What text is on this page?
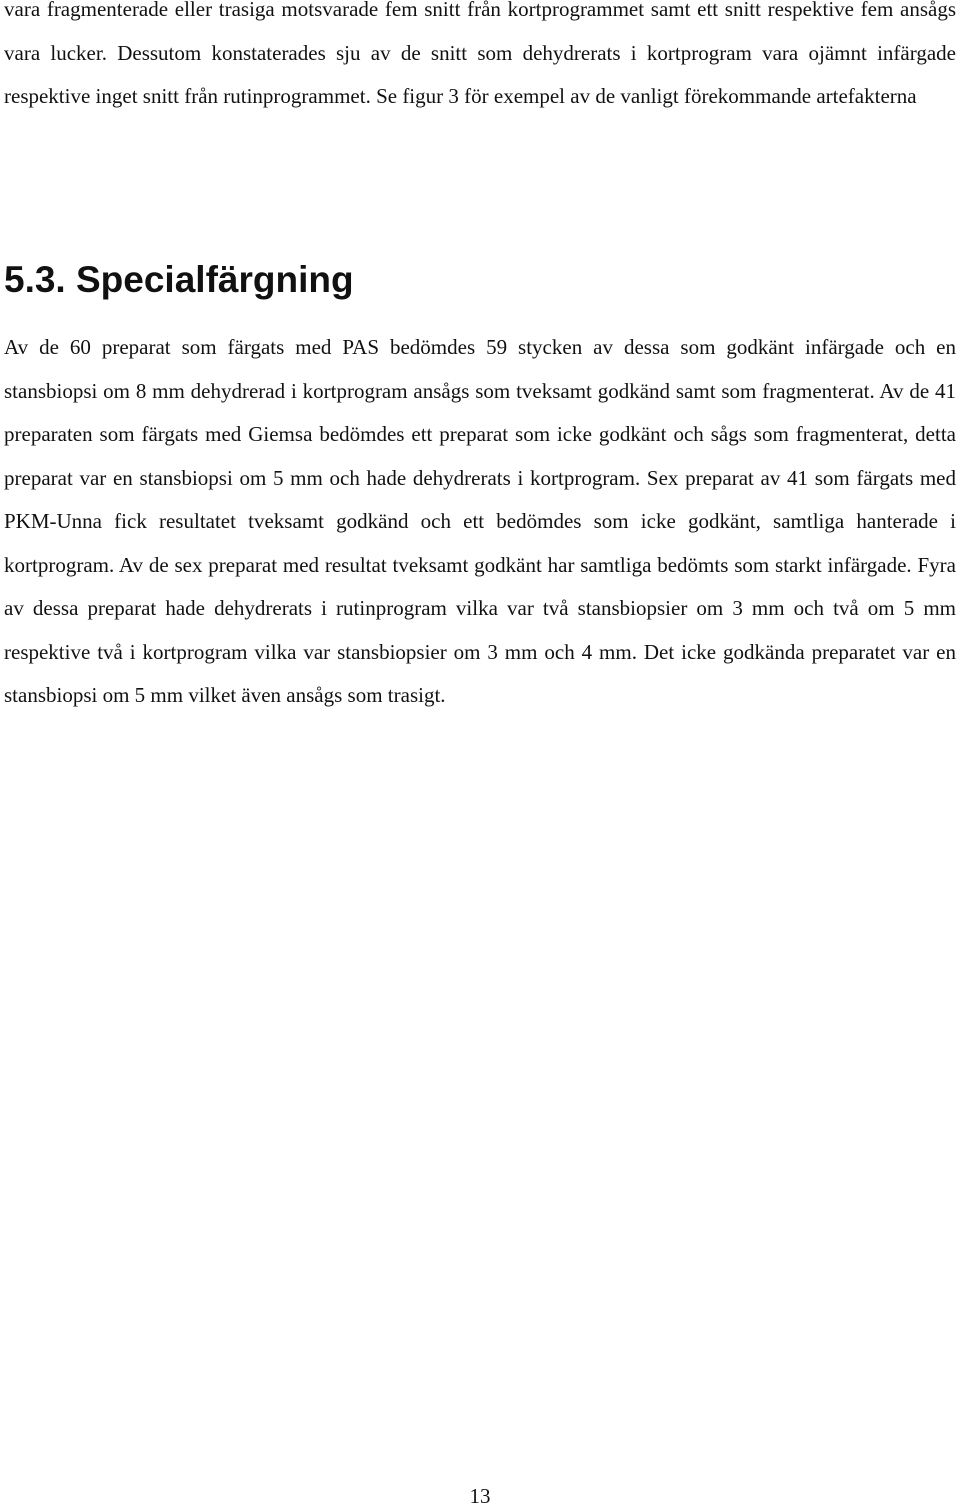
vara fragmenterade eller trasiga motsvarade fem snitt från kortprogrammet samt ett snitt respektive fem ansågs vara lucker. Dessutom konstaterades sju av de snitt som dehydrerats i kortprogram vara ojämnt infärgade respektive inget snitt från rutinprogrammet. Se figur 3 för exempel av de vanligt förekommande artefakterna

5.3. Specialfärgning

Av de 60 preparat som färgats med PAS bedömdes 59 stycken av dessa som godkänt infärgade och en stansbiopsi om 8 mm dehydrerad i kortprogram ansågs som tveksamt godkänd samt som fragmenterat. Av de 41 preparaten som färgats med Giemsa bedömdes ett preparat som icke godkänt och sågs som fragmenterat, detta preparat var en stansbiopsi om 5 mm och hade dehydrerats i kortprogram. Sex preparat av 41 som färgats med PKM-Unna fick resultatet tveksamt godkänd och ett bedömdes som icke godkänt, samtliga hanterade i kortprogram. Av de sex preparat med resultat tveksamt godkänt har samtliga bedömts som starkt infärgade. Fyra av dessa preparat hade dehydrerats i rutinprogram vilka var två stansbiopsier om 3 mm och två om 5 mm respektive två i kortprogram vilka var stansbiopsier om 3 mm och 4 mm. Det icke godkända preparatet var en stansbiopsi om 5 mm vilket även ansågs som trasigt.

13
